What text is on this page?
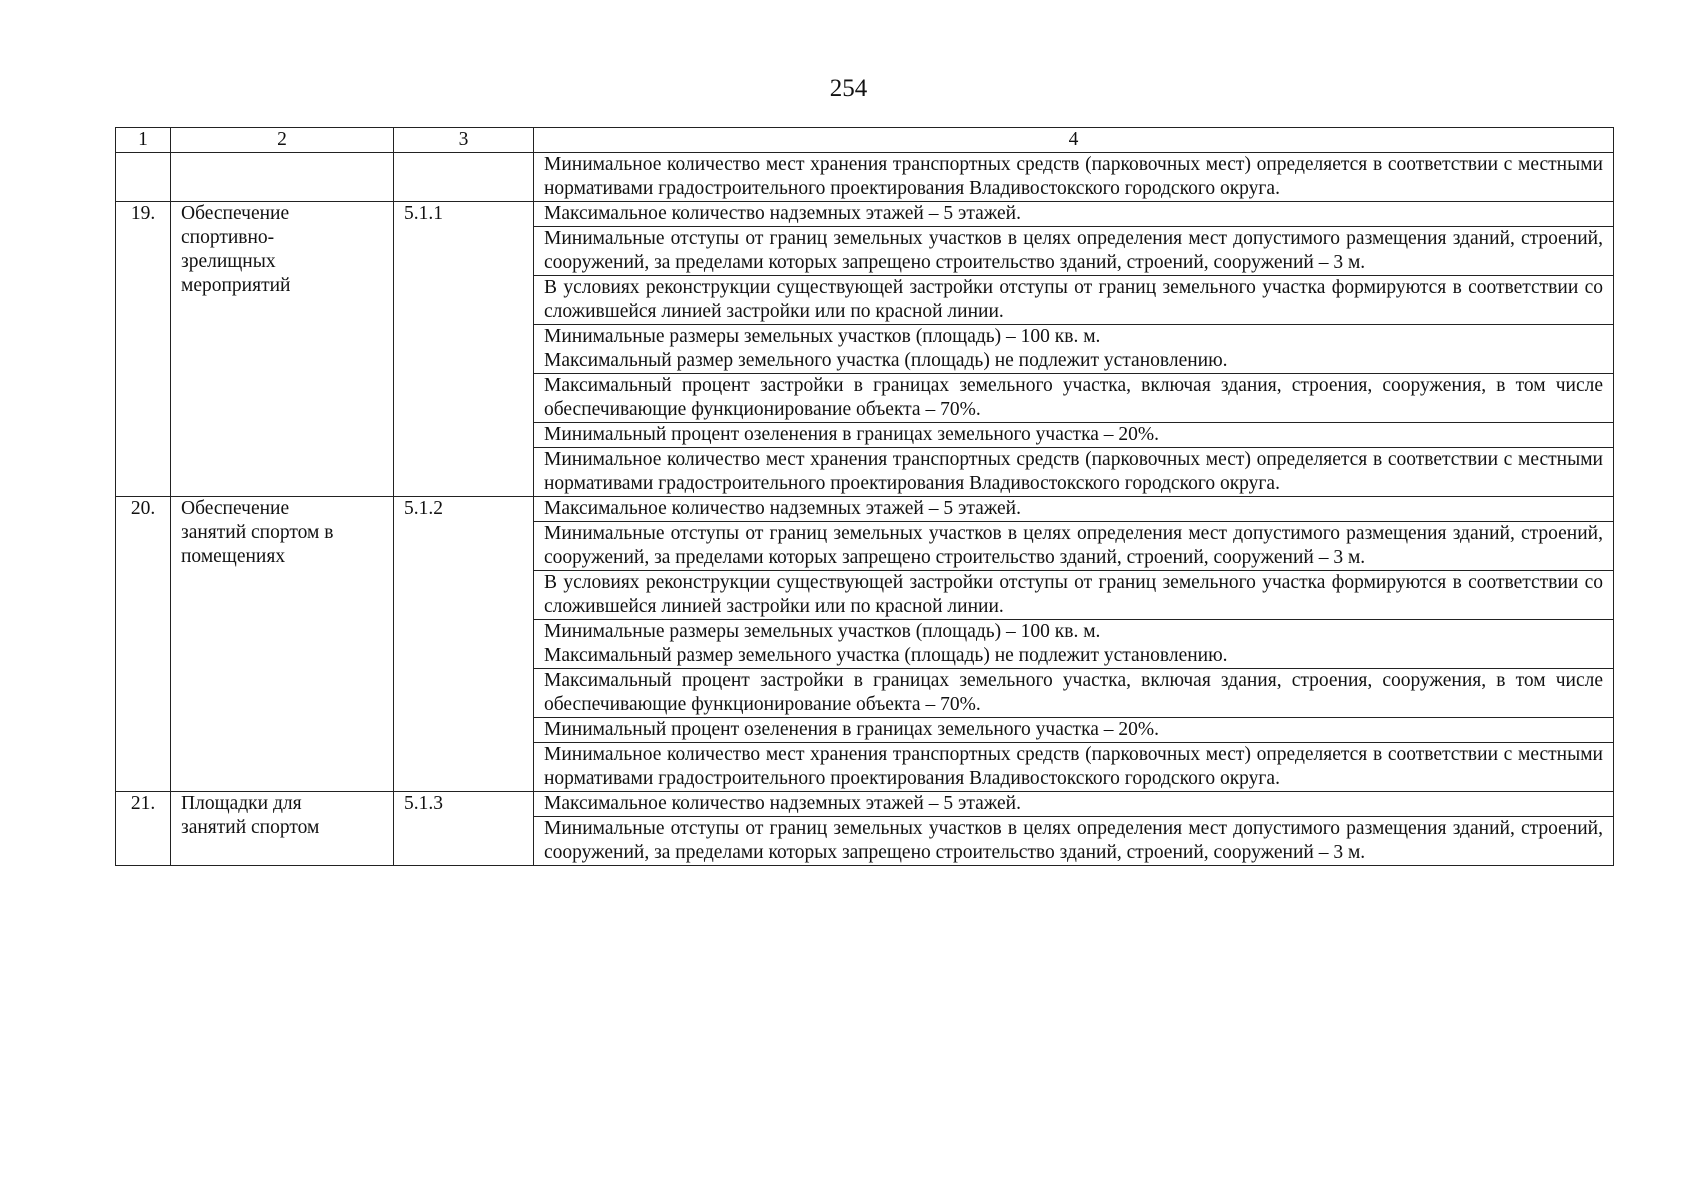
254
1	2	3	4
			Минимальное количество мест хранения транспортных средств (парковочных мест) определяется в соответствии с местными нормативами градостроительного проектирования Владивостокского городского округа.
19.	Обеспечение
спортивно-
зрелищных
мероприятий	5.1.1	Максимальное количество надземных этажей – 5 этажей.
			Минимальные отступы от границ земельных участков в целях определения мест допустимого размещения зданий, строений, сооружений, за пределами которых запрещено строительство зданий, строений, сооружений – 3 м.
			В условиях реконструкции существующей застройки отступы от границ земельного участка формируются в соответствии со сложившейся линией застройки или по красной линии.

			Минимальные размеры земельных участков (площадь) – 100 кв. м.
Максимальный размер земельного участка (площадь) не подлежит установлению.

			Максимальный процент застройки в границах земельного участка, включая здания, строения, сооружения, в том числе обеспечивающие функционирование объекта – 70%.
			Минимальный процент озеленения в границах земельного участка – 20%.
			Минимальное количество мест хранения транспортных средств (парковочных мест) определяется в соответствии с местными нормативами градостроительного проектирования Владивостокского городского округа.
20.	Обеспечение
занятий спортом в
помещениях	5.1.2	Максимальное количество надземных этажей – 5 этажей.
			Минимальные отступы от границ земельных участков в целях определения мест допустимого размещения зданий, строений, сооружений, за пределами которых запрещено строительство зданий, строений, сооружений – 3 м.
			В условиях реконструкции существующей застройки отступы от границ земельного участка формируются в соответствии со сложившейся линией застройки или по красной линии.

			Минимальные размеры земельных участков (площадь) – 100 кв. м.
Максимальный размер земельного участка (площадь) не подлежит установлению.

			Максимальный процент застройки в границах земельного участка, включая здания, строения, сооружения, в том числе обеспечивающие функционирование объекта – 70%.
			Минимальный процент озеленения в границах земельного участка – 20%.
			Минимальное количество мест хранения транспортных средств (парковочных мест) определяется в соответствии с местными нормативами градостроительного проектирования Владивостокского городского округа.
21.	Площадки для
занятий спортом	5.1.3	Максимальное количество надземных этажей – 5 этажей.
			Минимальные отступы от границ земельных участков в целях определения мест допустимого размещения зданий, строений, сооружений, за пределами которых запрещено строительство зданий, строений, сооружений – 3 м.
